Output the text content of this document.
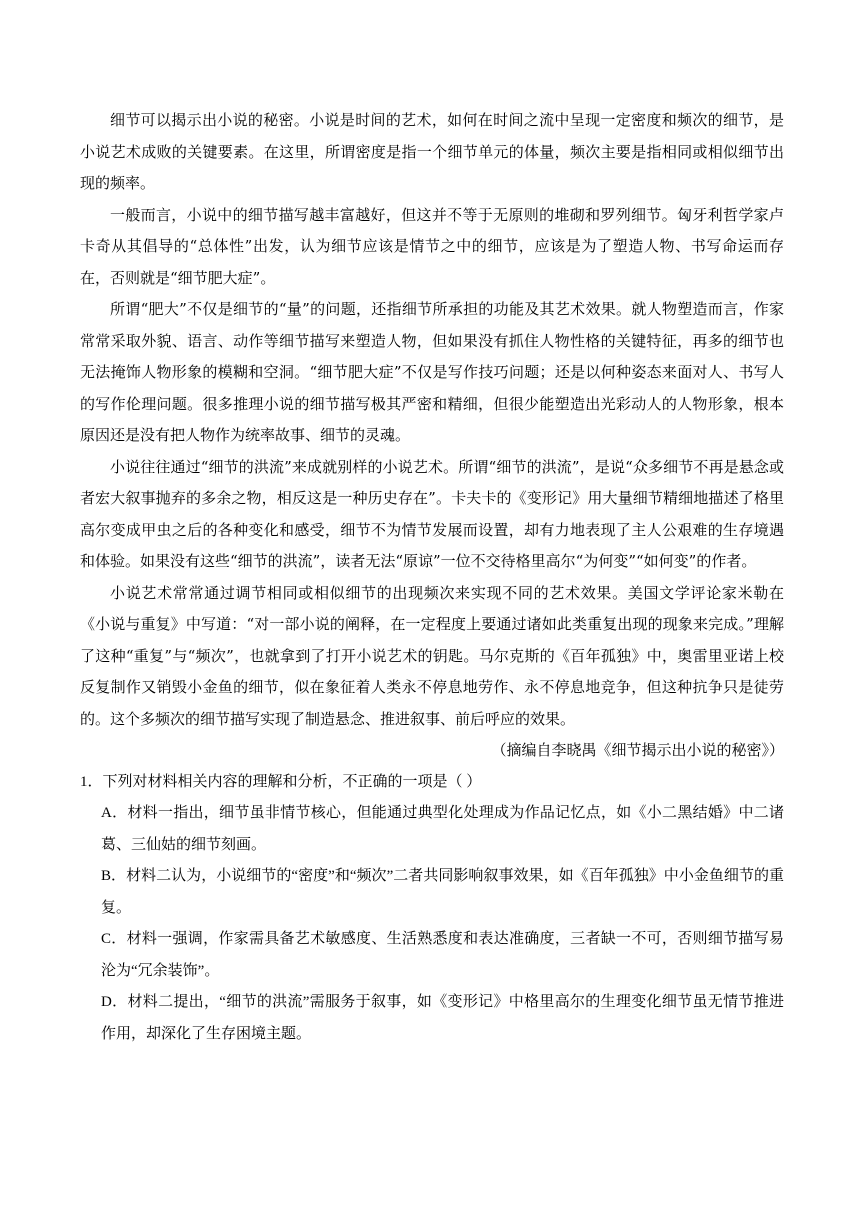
细节可以揭示出小说的秘密。小说是时间的艺术，如何在时间之流中呈现一定密度和频次的细节，是小说艺术成败的关键要素。在这里，所谓密度是指一个细节单元的体量，频次主要是指相同或相似细节出现的频率。

一般而言，小说中的细节描写越丰富越好，但这并不等于无原则的堆砌和罗列细节。匈牙利哲学家卢卡奇从其倡导的“总体性”出发，认为细节应该是情节之中的细节，应该是为了塑造人物、书写命运而存在，否则就是“细节肥大症”。

所谓“肥大”不仅是细节的“量”的问题，还指细节所承担的功能及其艺术效果。就人物塑造而言，作家常常采取外貌、语言、动作等细节描写来塑造人物，但如果没有抓住人物性格的关键特征，再多的细节也无法掩饰人物形象的模糊和空洞。“细节肥大症”不仅是写作技巧问题；还是以何种姿态来面对人、书写人的写作伦理问题。很多推理小说的细节描写极其严密和精细，但很少能塑造出光彩动人的人物形象，根本原因还是没有把人物作为统率故事、细节的灵魂。

小说往往通过“细节的洪流”来成就别样的小说艺术。所谓“细节的洪流”，是说“众多细节不再是悬念或者宏大叙事抛弃的多余之物，相反这是一种历史存在”。卡夫卡的《变形记》用大量细节精细地描述了格里高尔变成甲虫之后的各种变化和感受，细节不为情节发展而设置，却有力地表现了主人公艰难的生存境遇和体验。如果没有这些“细节的洪流”，读者无法“原谅”一位不交待格里高尔“为何变”“如何变”的作者。

小说艺术常常通过调节相同或相似细节的出现频次来实现不同的艺术效果。美国文学评论家米勒在《小说与重复》中写道：“对一部小说的阐释，在一定程度上要通过诸如此类重复出现的现象来完成。”理解了这种“重复”与“频次”，也就拿到了打开小说艺术的钥匙。马尔克斯的《百年孤独》中，奥雷里亚诺上校反复制作又销毁小金鱼的细节，似在象征着人类永不停息地劳作、永不停息地竞争，但这种抗争只是徒劳的。这个多频次的细节描写实现了制造悬念、推进叙事、前后呼应的效果。

（摘编自李晓禺《细节揭示出小说的秘密》）

1．下列对材料相关内容的理解和分析，不正确的一项是（ ）

A．材料一指出，细节虽非情节核心，但能通过典型化处理成为作品记忆点，如《小二黑结婚》中二诸葛、三仙姑的细节刻画。

B．材料二认为，小说细节的“密度”和“频次”二者共同影响叙事效果，如《百年孤独》中小金鱼细节的重复。

C．材料一强调，作家需具备艺术敏感度、生活熟悉度和表达准确度，三者缺一不可，否则细节描写易沦为“冗余装饰”。

D．材料二提出，“细节的洪流”需服务于叙事，如《变形记》中格里高尔的生理变化细节虽无情节推进作用，却深化了生存困境主题。
